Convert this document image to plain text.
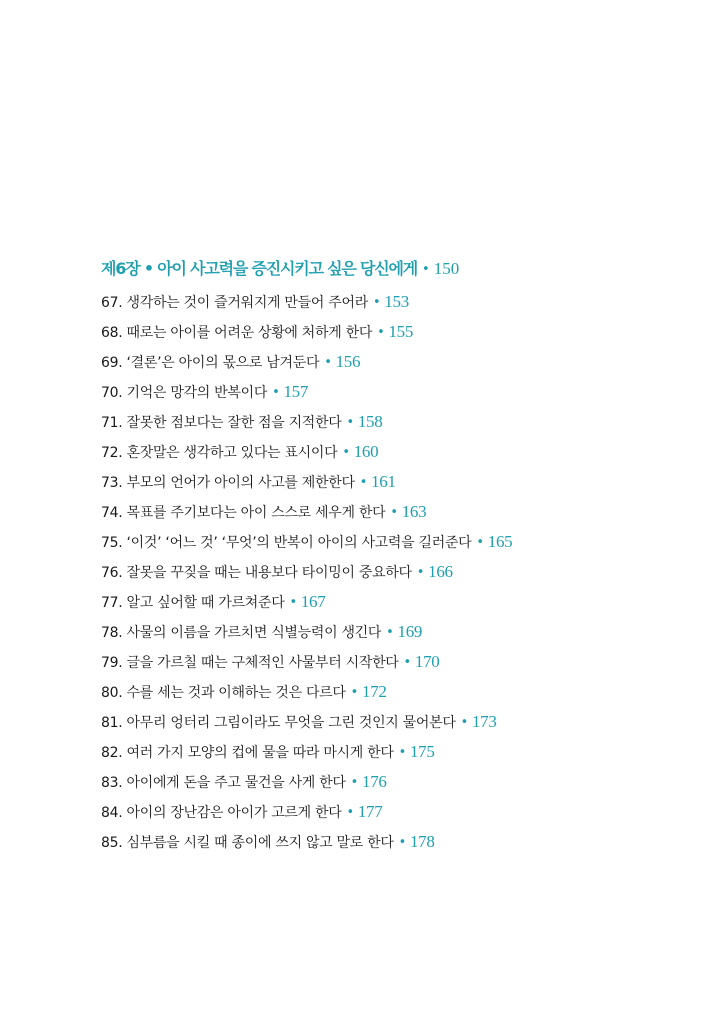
제6장 • 아이 사고력을 증진시키고 싶은 당신에게 • 150
67. 생각하는 것이 즐거워지게 만들어 주어라 • 153
68. 때로는 아이를 어려운 상황에 처하게 한다 • 155
69. ‘결론’은 아이의 몫으로 남겨둔다 • 156
70. 기억은 망각의 반복이다 • 157
71. 잘못한 점보다는 잘한 점을 지적한다 • 158
72. 혼잣말은 생각하고 있다는 표시이다 • 160
73. 부모의 언어가 아이의 사고를 제한한다 • 161
74. 목표를 주기보다는 아이 스스로 세우게 한다 • 163
75. ‘이것’ ‘어느 것’ ‘무엇’의 반복이 아이의 사고력을 길러준다 • 165
76. 잘못을 꾸짖을 때는 내용보다 타이밍이 중요하다 • 166
77. 알고 싶어할 때 가르쳐준다 • 167
78. 사물의 이름을 가르치면 식별능력이 생긴다 • 169
79. 글을 가르칠 때는 구체적인 사물부터 시작한다 • 170
80. 수를 세는 것과 이해하는 것은 다르다 • 172
81. 아무리 엉터리 그림이라도 무엇을 그린 것인지 물어본다 • 173
82. 여러 가지 모양의 컵에 물을 따라 마시게 한다 • 175
83. 아이에게 돈을 주고 물건을 사게 한다 • 176
84. 아이의 장난감은 아이가 고르게 한다 • 177
85. 심부름을 시킬 때 종이에 쓰지 않고 말로 한다 • 178
